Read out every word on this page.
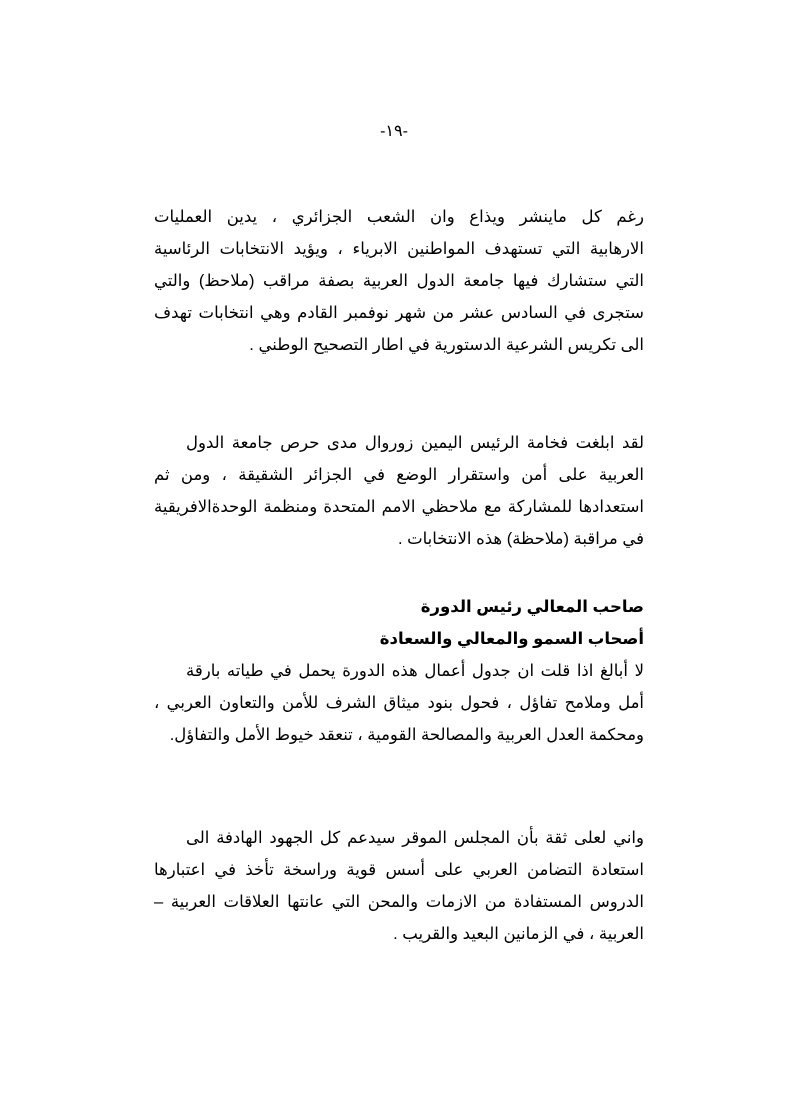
-١٩-
رغم كل ماينشر ويذاع وان الشعب الجزائري ، يدين العمليات
الارهابية التي تستهدف المواطنين الابرياء ، ويؤيد الانتخابات الرئاسية
التي ستشارك فيها جامعة الدول العربية بصفة مراقب (ملاحظ) والتي
ستجرى في السادس عشر من شهر نوفمبر القادم وهي انتخابات تهدف
الى تكريس الشرعية الدستورية في اطار التصحيح الوطني .
لقد ابلغت فخامة الرئيس اليمين زوروال مدى حرص جامعة الدول
العربية على أمن واستقرار الوضع في الجزائر الشقيقة ، ومن ثم
استعدادها للمشاركة مع ملاحظي الامم المتحدة ومنظمة الوحدةالافريقية
في مراقبة (ملاحظة) هذه الانتخابات .
صاحب المعالي رئيس الدورة
أصحاب السمو والمعالي والسعادة
لا أبالغ اذا قلت ان جدول أعمال هذه الدورة يحمل في طياته بارقة
أمل وملامح تفاؤل ، فحول بنود ميثاق الشرف للأمن والتعاون العربي ،
ومحكمة العدل العربية والمصالحة القومية ، تنعقد خيوط الأمل والتفاؤل.
واني لعلى ثقة بأن المجلس الموقر سيدعم كل الجهود الهادفة الى
استعادة التضامن العربي على أسس قوية وراسخة تأخذ في اعتبارها
الدروس المستفادة من الازمات والمحن التي عانتها العلاقات العربية –
العربية ، في الزمانين البعيد والقريب .
